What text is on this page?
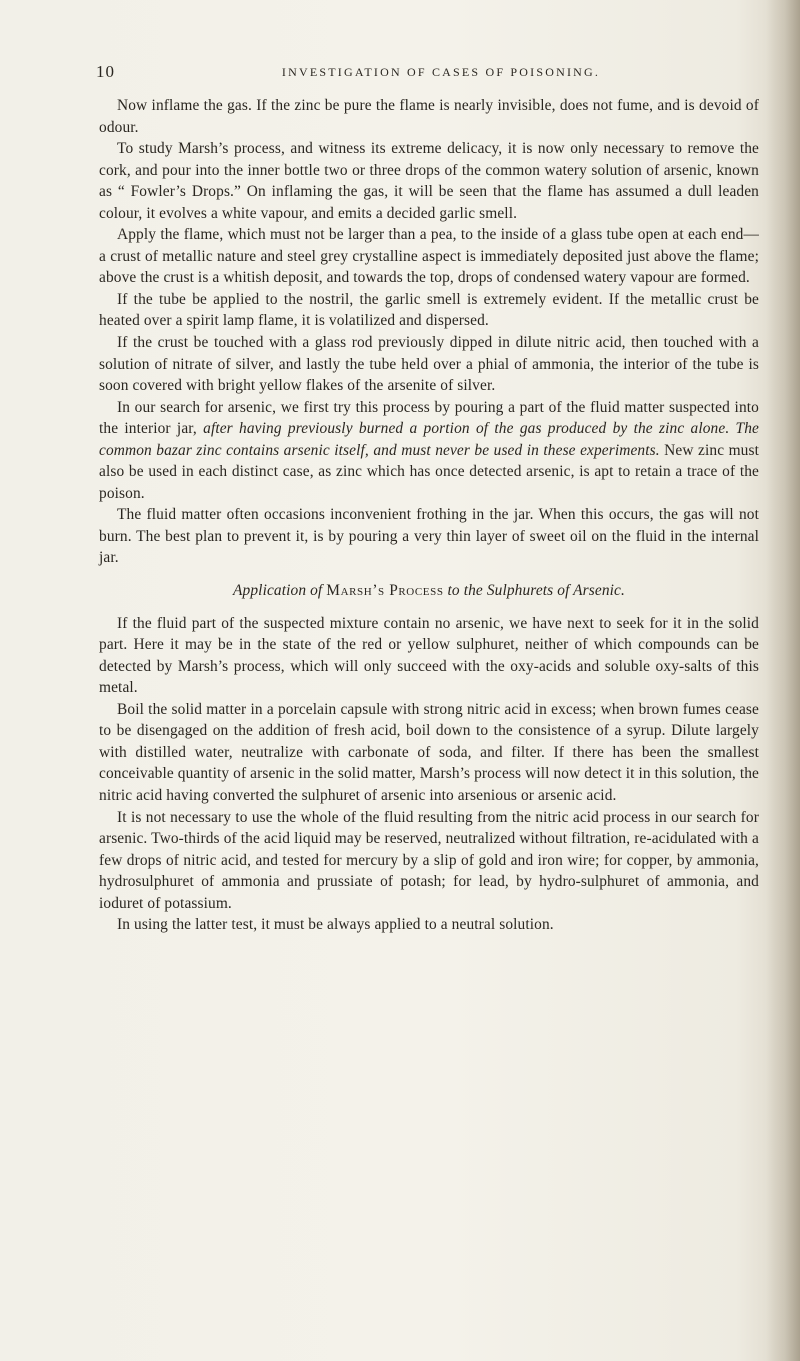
10	INVESTIGATION OF CASES OF POISONING.

Now inflame the gas. If the zinc be pure the flame is nearly invisible, does not fume, and is devoid of odour.

To study Marsh’s process, and witness its extreme delicacy, it is now only necessary to remove the cork, and pour into the inner bottle two or three drops of the common watery solution of arsenic, known as “ Fowler’s Drops.” On inflaming the gas, it will be seen that the flame has assumed a dull leaden colour, it evolves a white vapour, and emits a decided garlic smell.

Apply the flame, which must not be larger than a pea, to the inside of a glass tube open at each end—a crust of metallic nature and steel grey crystalline aspect is immediately deposited just above the flame; above the crust is a whitish deposit, and towards the top, drops of condensed watery vapour are formed.

If the tube be applied to the nostril, the garlic smell is extremely evident. If the metallic crust be heated over a spirit lamp flame, it is volatilized and dispersed.

If the crust be touched with a glass rod previously dipped in dilute nitric acid, then touched with a solution of nitrate of silver, and lastly the tube held over a phial of ammonia, the interior of the tube is soon covered with bright yellow flakes of the arsenite of silver.

In our search for arsenic, we first try this process by pouring a part of the fluid matter suspected into the interior jar, after having previously burned a portion of the gas produced by the zinc alone. The common bazar zinc contains arsenic itself, and must never be used in these experiments. New zinc must also be used in each distinct case, as zinc which has once detected arsenic, is apt to retain a trace of the poison.

The fluid matter often occasions inconvenient frothing in the jar. When this occurs, the gas will not burn. The best plan to prevent it, is by pouring a very thin layer of sweet oil on the fluid in the internal jar.

Application of Marsh’s Process to the Sulphurets of Arsenic.

If the fluid part of the suspected mixture contain no arsenic, we have next to seek for it in the solid part. Here it may be in the state of the red or yellow sulphuret, neither of which compounds can be detected by Marsh’s process, which will only succeed with the oxy-acids and soluble oxy-salts of this metal.

Boil the solid matter in a porcelain capsule with strong nitric acid in excess; when brown fumes cease to be disengaged on the addition of fresh acid, boil down to the consistence of a syrup. Dilute largely with distilled water, neutralize with carbonate of soda, and filter. If there has been the smallest conceivable quantity of arsenic in the solid matter, Marsh’s process will now detect it in this solution, the nitric acid having converted the sulphuret of arsenic into arsenious or arsenic acid.

It is not necessary to use the whole of the fluid resulting from the nitric acid process in our search for arsenic. Two-thirds of the acid liquid may be reserved, neutralized without filtration, re-acidulated with a few drops of nitric acid, and tested for mercury by a slip of gold and iron wire; for copper, by ammonia, hydrosulphuret of ammonia and prussiate of potash; for lead, by hydro-sulphuret of ammonia, and ioduret of potassium.

In using the latter test, it must be always applied to a neutral solution.
